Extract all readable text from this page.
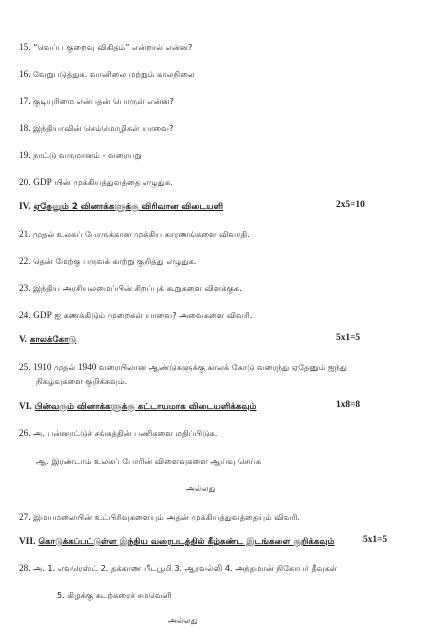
15. “வெப்ப குறைவு விகிதம்” என்றால் என்ன?
16. வேறுபடுத்துக. வானிலை மற்றும் காலநிலை
17. குடியுரிமை என்பதன் பொருள் என்ன?
18. இந்தியாவின் செம்மொழிகள் யாவை?
19. நாட்டு வருமானம் - வரையறு
20. GDP யின் முக்கியத்துவத்தை எழுதுக.
IV. ஏதேனும் 2 வினாக்களுக்கு விரிவான விடையளி	2x5=10
21. முதல் உலகப் போருக்கான முக்கிய காரணங்களை விவாதி.
22. தென் மேற்கு பருவக் காற்று குறித்து எழுதுக.
23. இந்திய அரசியலமைப்பின் சிறப்புக் கூறுகளை விளக்குக.
24. GDP ஐ கணக்கிடும் முறைகள் யாவை? அவைகளை விவரி.
V. காலக்கோடு	5x1=5
25. 1910 முதல் 1940 வரையிலான ஆண்டுகளுக்கு காலக் கோடு வரைந்து ஏதேனும் ஐந்து
நிகழ்வுகளை குறிக்கவும்.
VI. பின்வரும் வினாக்களுக்கு கட்டாயமாக விடையளிக்கவும்	1x8=8
26. அ. பன்னாட்டுச் சங்கத்தின் பணிகளை மதிப்பிடுக.
ஆ. இரண்டாம் உலகப் போரின் விளைவுகளை ஆய்வு செய்க
அல்லது
27. இமயமலையின் உட்பிரிவுகளையும் அதன் முக்கியத்துவத்தையும் விவரி.
VII. கொடுக்கப்பட்டுள்ள இந்திய வரைபடத்தில் கீழ்கண்ட இடங்களை குறிக்கவும்	5x1=5
28. அ. 1. எவரெஸ்ட் 2. தக்காண பீடபூமி 3. ஆரவல்லி 4. அந்தமான் நிகோபர் தீவுகள்
5. கிழக்கு கடற்கரைச் சமவெளி
அல்லது
